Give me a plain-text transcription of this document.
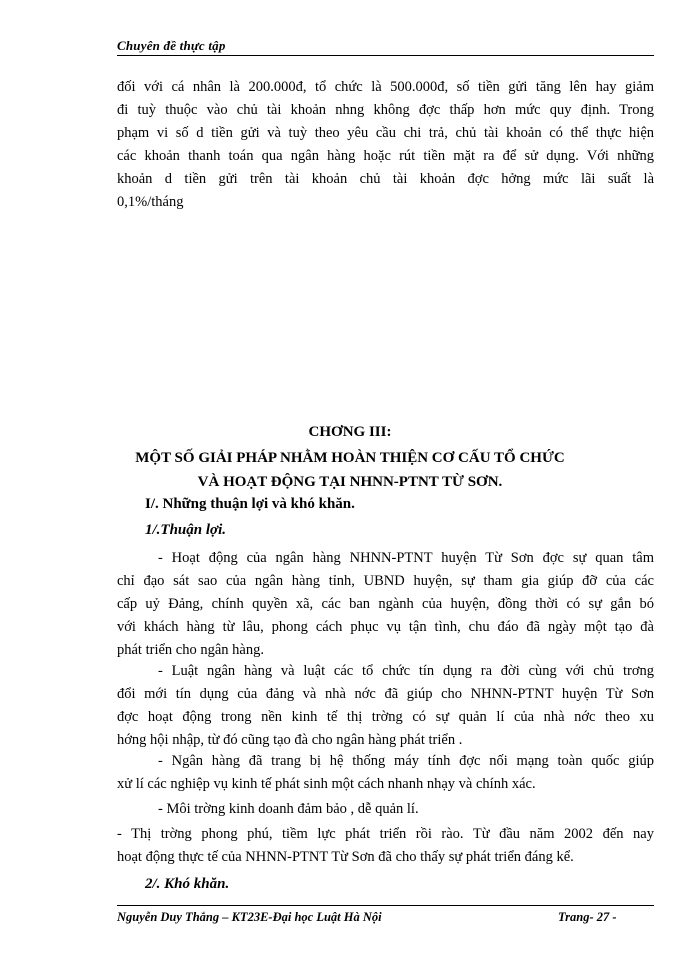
Chuyên đề thực tập
đối với cá nhân là 200.000đ, tổ chức là 500.000đ, số tiền gửi tăng lên hay giảm
đi tuỳ thuộc vào chủ tài khoản nhng không đợc thấp hơn mức quy định. Trong
phạm vi số d tiền gửi và tuỳ theo yêu cầu chi trả, chủ tài khoản có thể thực hiện
các khoản thanh toán qua ngân hàng hoặc rút tiền mặt ra để sử dụng. Với những
khoản d tiền gửi trên tài khoản chủ tài khoản đợc hởng mức lãi suất là
0,1%/tháng
CHƠNG III:
MỘT SỐ GIẢI PHÁP NHẰM HOÀN THIỆN CƠ CẤU TỔ CHỨC
VÀ HOẠT ĐỘNG TẠI NHNN-PTNT TỪ SƠN.
I/. Những thuận lợi và khó khăn.
1/.Thuận lợi.
- Hoạt động của ngân hàng NHNN-PTNT huyện Từ Sơn đợc sự quan tâm
chỉ đạo sát sao của ngân hàng tỉnh, UBND huyện, sự tham gia giúp đỡ của các
cấp uỷ Đảng, chính quyền xã, các ban ngành của huyện, đồng thời có sự gắn bó
với khách hàng từ lâu, phong cách phục vụ tận tình, chu đáo đã ngày một tạo đà
phát triển cho ngân hàng.
- Luật ngân hàng và luật các tổ chức tín dụng ra đời cùng với chủ trơng
đổi mới tín dụng của đảng và nhà nớc đã giúp cho NHNN-PTNT huyện Từ Sơn
đợc hoạt động trong nền kinh tế thị trờng có sự quản lí của nhà nớc theo xu
hớng hội nhập, từ đó cũng tạo đà cho ngân hàng phát triển .
- Ngân hàng đã trang bị hệ thống máy tính đợc nối mạng toàn quốc giúp
xử lí các nghiệp vụ kinh tế phát sinh một cách nhanh nhạy và chính xác.
- Môi trờng kinh doanh đảm bảo , dễ quản lí.
- Thị trờng phong phú, tiềm lực phát triển rồi rào. Từ đầu năm 2002 đến nay
hoạt động thực tế của NHNN-PTNT Từ Sơn đã cho thấy sự phát triển đáng kể.
2/. Khó khăn.
Nguyễn Duy Thắng – KT23E-Đại học Luật Hà Nội	Trang- 27 -
